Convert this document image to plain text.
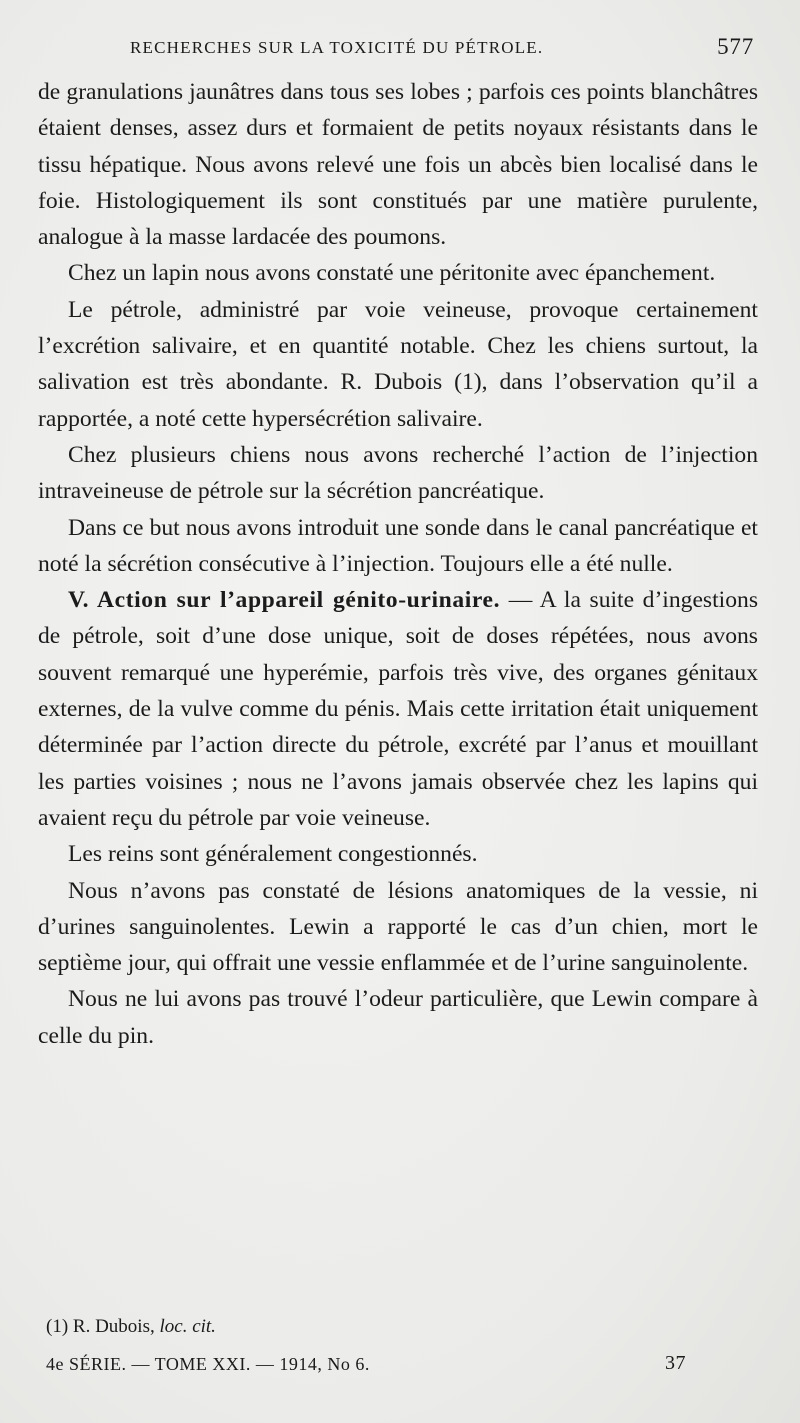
RECHERCHES SUR LA TOXICITÉ DU PÉTROLE.	577

de granulations jaunâtres dans tous ses lobes ; parfois ces points blanchâtres étaient denses, assez durs et formaient de petits noyaux résistants dans le tissu hépatique. Nous avons relevé une fois un abcès bien localisé dans le foie. Histologiquement ils sont constitués par une matière purulente, analogue à la masse lardacée des poumons.

Chez un lapin nous avons constaté une péritonite avec épanchement.

Le pétrole, administré par voie veineuse, provoque certainement l’excrétion salivaire, et en quantité notable. Chez les chiens surtout, la salivation est très abondante. R. Dubois (1), dans l’observation qu’il a rapportée, a noté cette hypersécrétion salivaire.

Chez plusieurs chiens nous avons recherché l’action de l’injection intraveineuse de pétrole sur la sécrétion pancréatique.

Dans ce but nous avons introduit une sonde dans le canal pancréatique et noté la sécrétion consécutive à l’injection. Toujours elle a été nulle.

V. Action sur l’appareil génito-urinaire. — A la suite d’ingestions de pétrole, soit d’une dose unique, soit de doses répétées, nous avons souvent remarqué une hyperémie, parfois très vive, des organes génitaux externes, de la vulve comme du pénis. Mais cette irritation était uniquement déterminée par l’action directe du pétrole, excrété par l’anus et mouillant les parties voisines ; nous ne l’avons jamais observée chez les lapins qui avaient reçu du pétrole par voie veineuse.

Les reins sont généralement congestionnés.

Nous n’avons pas constaté de lésions anatomiques de la vessie, ni d’urines sanguinolentes. Lewin a rapporté le cas d’un chien, mort le septième jour, qui offrait une vessie enflammée et de l’urine sanguinolente.

Nous ne lui avons pas trouvé l’odeur particulière, que Lewin compare à celle du pin.

(1) R. Dubois, loc. cit.
4e SÉRIE. — TOME XXI. — 1914, No 6.	37
